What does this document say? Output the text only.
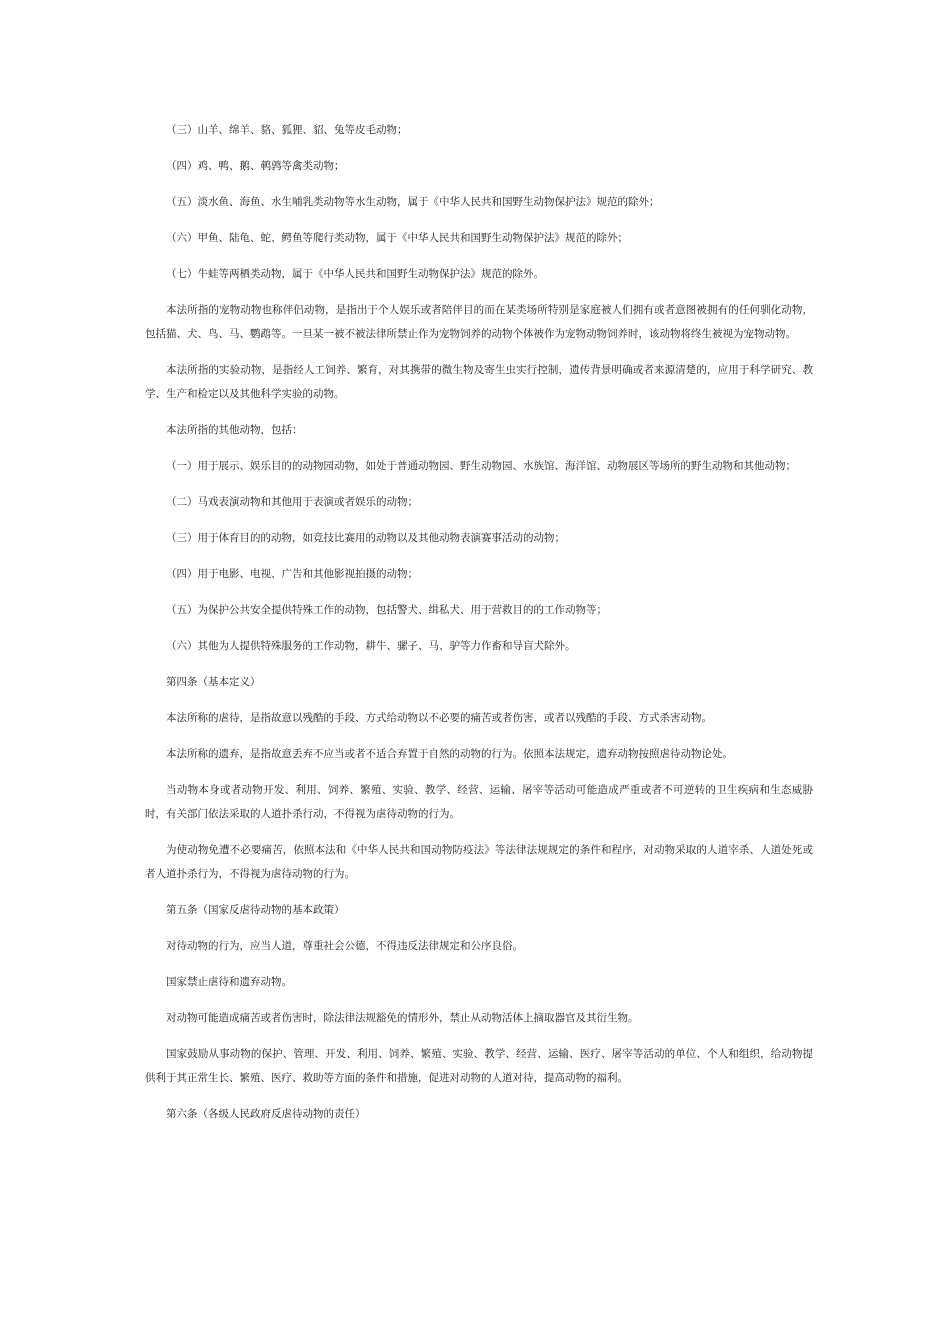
（三）山羊、绵羊、貉、狐狸、貂、兔等皮毛动物；

（四）鸡、鸭、鹅、鹌鹑等禽类动物；

（五）淡水鱼、海鱼、水生哺乳类动物等水生动物，属于《中华人民共和国野生动物保护法》规范的除外；

（六）甲鱼、陆龟、蛇、鳄鱼等爬行类动物，属于《中华人民共和国野生动物保护法》规范的除外；

（七）牛蛙等两栖类动物，属于《中华人民共和国野生动物保护法》规范的除外。

本法所指的宠物动物也称伴侣动物，是指出于个人娱乐或者陪伴目的而在某类场所特别是家庭被人们拥有或者意图被拥有的任何驯化动物，包括猫、犬、鸟、马、鹦鹉等。一旦某一被不被法律所禁止作为宠物饲养的动物个体被作为宠物动物饲养时，该动物将终生被视为宠物动物。

本法所指的实验动物，是指经人工饲养、繁育，对其携带的微生物及寄生虫实行控制，遗传背景明确或者来源清楚的，应用于科学研究、教学、生产和检定以及其他科学实验的动物。

本法所指的其他动物，包括：

（一）用于展示、娱乐目的的动物园动物，如处于普通动物园、野生动物园、水族馆、海洋馆、动物展区等场所的野生动物和其他动物；

（二）马戏表演动物和其他用于表演或者娱乐的动物；

（三）用于体育目的的动物，如竞技比赛用的动物以及其他动物表演赛事活动的动物；

（四）用于电影、电视、广告和其他影视拍摄的动物；

（五）为保护公共安全提供特殊工作的动物，包括警犬、缉私犬、用于营救目的的工作动物等；

（六）其他为人提供特殊服务的工作动物，耕牛、骡子、马、驴等力作畜和导盲犬除外。

第四条（基本定义）

本法所称的虐待，是指故意以残酷的手段、方式给动物以不必要的痛苦或者伤害，或者以残酷的手段、方式杀害动物。

本法所称的遗弃，是指故意丢弃不应当或者不适合弃置于自然的动物的行为。依照本法规定，遗弃动物按照虐待动物论处。

当动物本身或者动物开发、利用、饲养、繁殖、实验、教学、经营、运输、屠宰等活动可能造成严重或者不可逆转的卫生疾病和生态威胁时，有关部门依法采取的人道扑杀行动，不得视为虐待动物的行为。

为使动物免遭不必要痛苦，依照本法和《中华人民共和国动物防疫法》等法律法规规定的条件和程序，对动物采取的人道宰杀、人道处死或者人道扑杀行为，不得视为虐待动物的行为。

第五条（国家反虐待动物的基本政策）

对待动物的行为，应当人道，尊重社会公德，不得违反法律规定和公序良俗。

国家禁止虐待和遗弃动物。

对动物可能造成痛苦或者伤害时，除法律法规豁免的情形外，禁止从动物活体上摘取器官及其衍生物。

国家鼓励从事动物的保护、管理、开发、利用、饲养、繁殖、实验、教学、经营、运输、医疗、屠宰等活动的单位、个人和组织，给动物提供利于其正常生长、繁殖、医疗、救助等方面的条件和措施，促进对动物的人道对待，提高动物的福利。

第六条（各级人民政府反虐待动物的责任）
